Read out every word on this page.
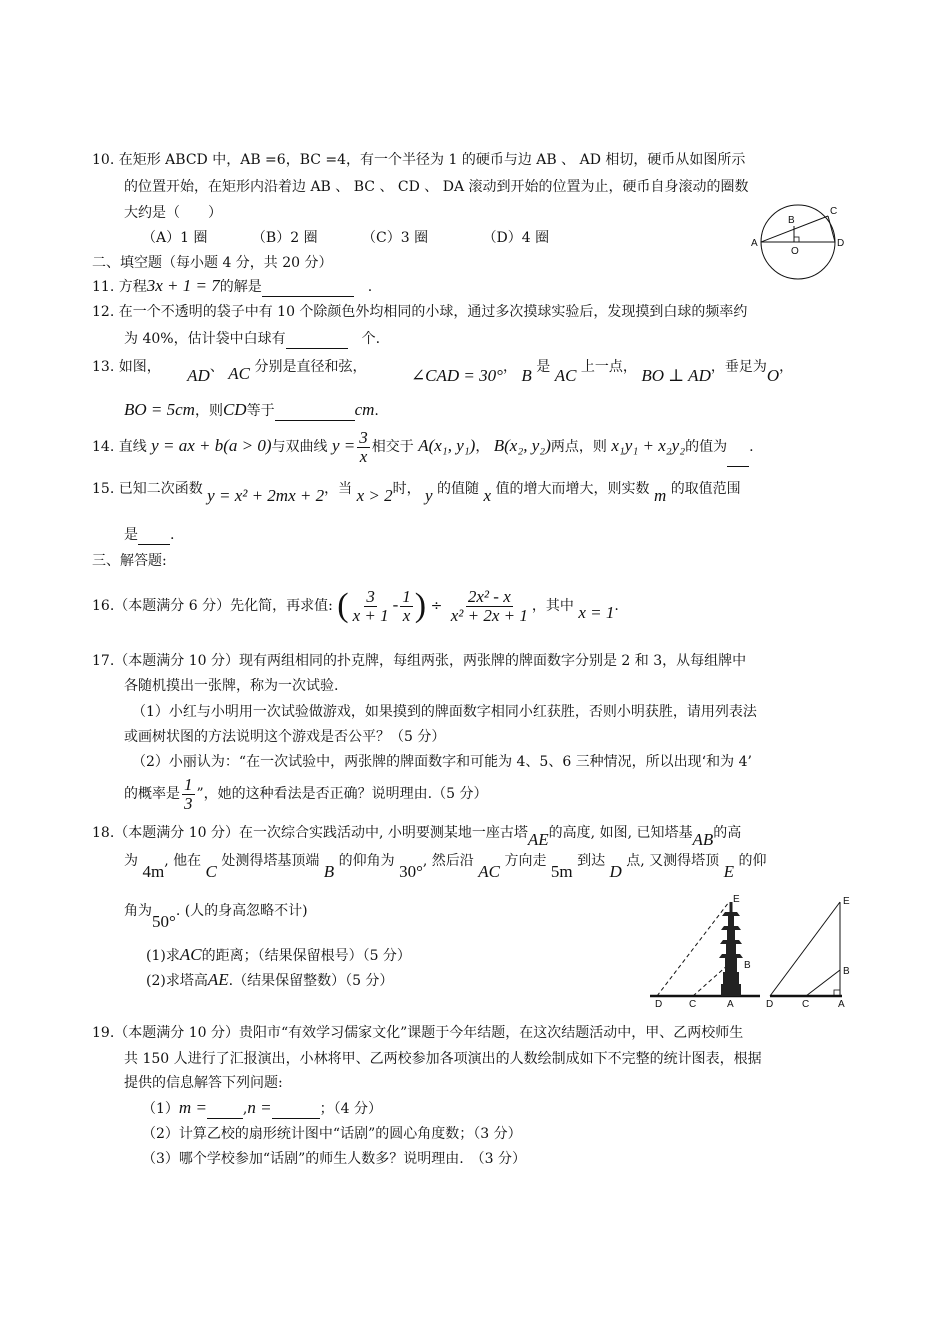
10. 在矩形 ABCD 中，AB =6，BC =4，有一个半径为 1 的硬币与边 AB 、 AD 相切，硬币从如图所示
的位置开始，在矩形内沿着边 AB 、 BC 、 CD 、 DA 滚动到开始的位置为止，硬币自身滚动的圈数
大约是（　　）
（A）1 圈	（B）2 圈	（C）3 圈	（D）4 圈	A
B
C
D
O
二、填空题（每小题 4 分，共 20 分）
11. 方程3x + 1 = 7的解是　	.
12. 在一个不透明的袋子中有 10 个除颜色外均相同的小球，通过多次摸球实验后，发现摸到白球的频率约
为 40%，估计袋中白球有　	个.
13. 如图， AD、 AC 分别是直径和弦，	∠CAD = 30°， B 是 AC 上一点， BO ⊥ AD，垂足为O，
BO = 5cm，则CD等于	cm.
14. 直线 y = ax + b(a > 0)与双曲线 $y = \frac{3}{x}$ 相交于 A(x₁, y₁)， B(x₂, y₂)两点，则 x₁y₁ + x₂y₂的值为 .
15. 已知二次函数 y = x² + 2mx + 2，当 x > 2时， y 的值随 x 值的增大而增大，则实数 m 的取值范围
是 .
三、解答题:
16.（本题满分 6 分）先化简，再求值: ( $\frac{3}{x + 1} - \frac{1}{x}$ ) ÷ $\frac{\text{2x² - x}}{\text{x² + 2x + 1}}$ ，其中 x = 1.
17.（本题满分 10 分）现有两组相同的扑克牌，每组两张，两张牌的牌面数字分别是 2 和 3，从每组牌中
各随机摸出一张牌，称为一次试验.
（1）小红与小明用一次试验做游戏，如果摸到的牌面数字相同小红获胜，否则小明获胜，请用列表法
或画树状图的方法说明这个游戏是否公平？（5 分）
（2）小丽认为：“在一次试验中，两张牌的牌面数字和可能为 4、5、6 三种情况，所以出现‘和为 4’
的概率是 $\frac{1}{3}$ ”，她的这种看法是否正确？说明理由.（5 分）
18.（本题满分 10 分）在一次综合实践活动中, 小明要测某地一座古塔AE的高度, 如图, 已知塔基AB的高
为 4m, 他在 C 处测得塔基顶端 B 的仰角为 30°, 然后沿 AC 方向走 5m 到达 D 点, 又测得塔顶 E 的仰
角为50°. (人的身高忽略不计)
(1)求AC的距离；（结果保留根号）（5 分）
(2)求塔高AE.（结果保留整数）（5 分）
E
B
D	C	A
E
B
D	C	A
19.（本题满分 10 分）贵阳市“有效学习儒家文化”课题于今年结题，在这次结题活动中，甲、乙两校师生
共 150 人进行了汇报演出，小林将甲、乙两校参加各项演出的人数绘制成如下不完整的统计图表，根据
提供的信息解答下列问题:
（1）m =	,n =	；（4 分）
（2）计算乙校的扇形统计图中“话剧”的圆心角度数；（3 分）
（3）哪个学校参加“话剧”的师生人数多？说明理由.　（3 分）
